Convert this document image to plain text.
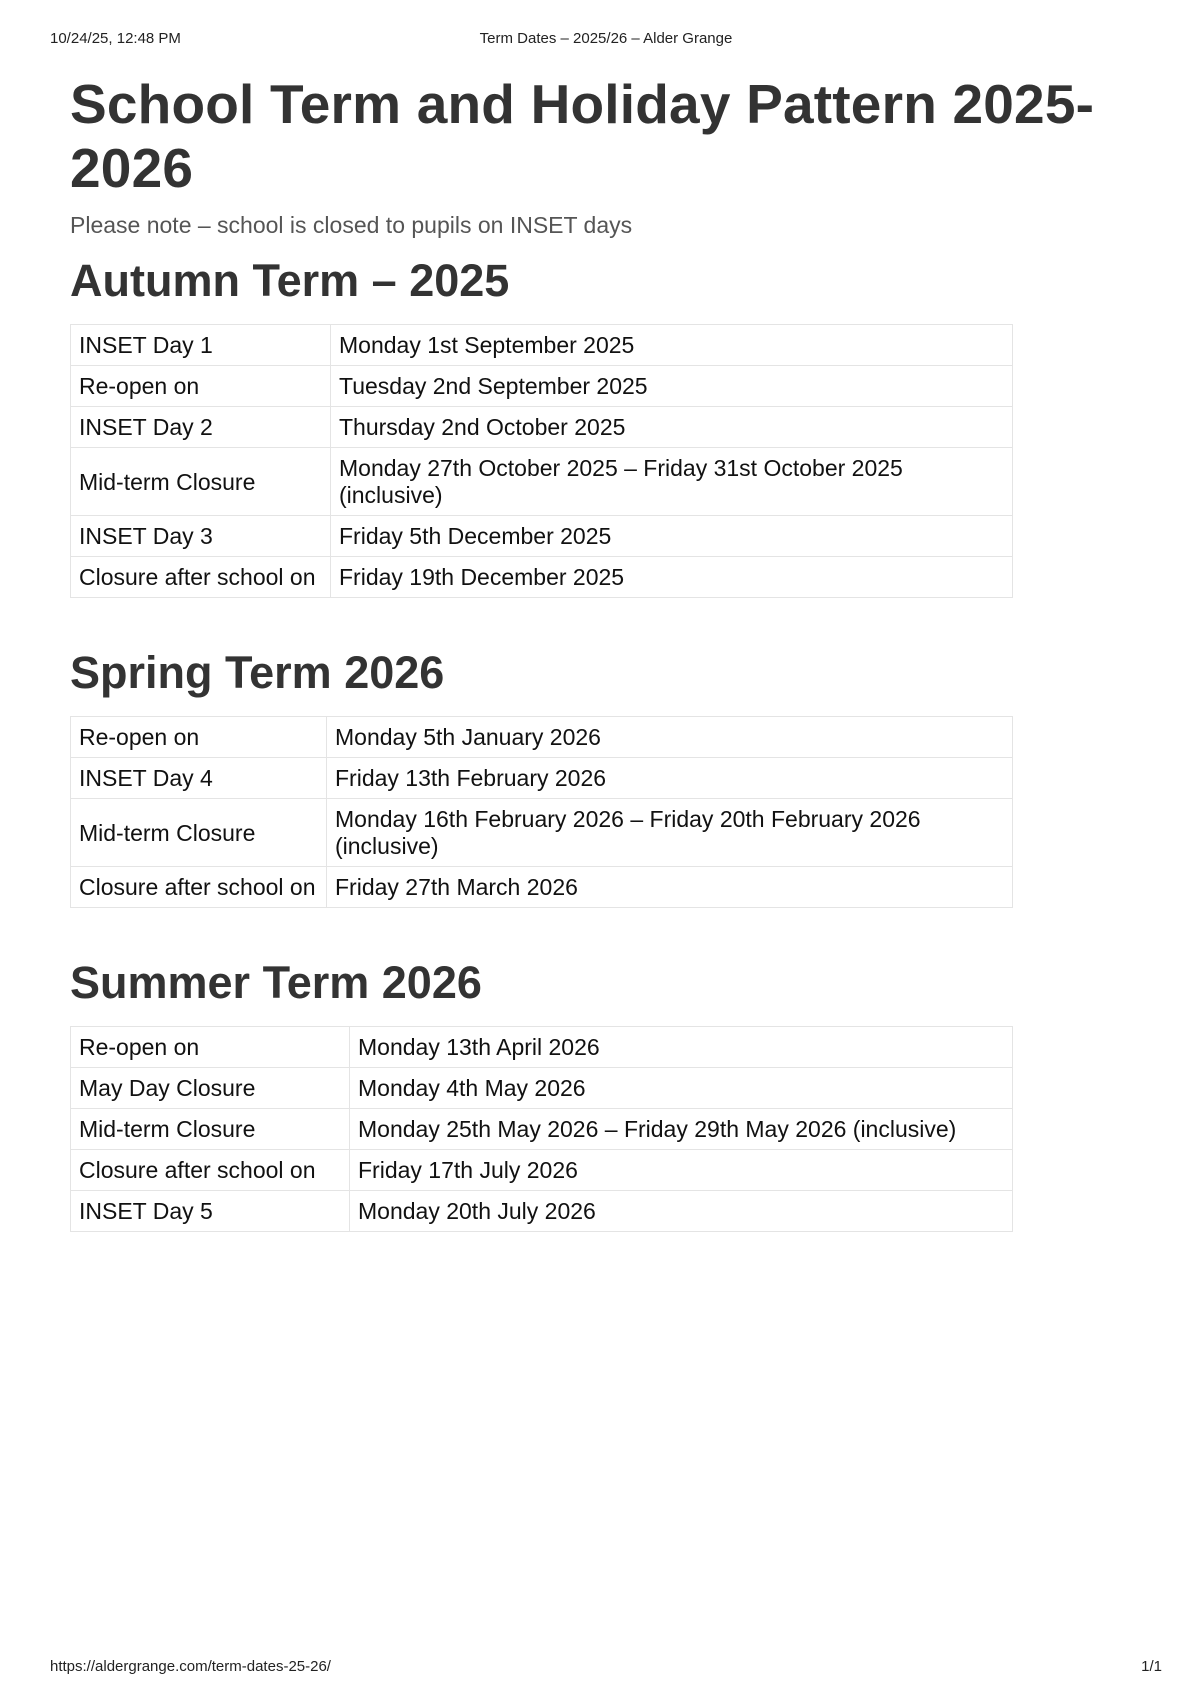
10/24/25, 12:48 PM	Term Dates – 2025/26 – Alder Grange
School Term and Holiday Pattern 2025-2026

Please note – school is closed to pupils on INSET days

Autumn Term – 2025
INSET Day 1	Monday 1st September 2025
Re-open on	Tuesday 2nd September 2025
INSET Day 2	Thursday 2nd October 2025
Mid-term Closure	Monday 27th October 2025 – Friday 31st October 2025 (inclusive)
INSET Day 3	Friday 5th December 2025
Closure after school on	Friday 19th December 2025
Spring Term 2026
Re-open on	Monday 5th January 2026
INSET Day 4	Friday 13th February 2026
Mid-term Closure	Monday 16th February 2026 – Friday 20th February 2026 (inclusive)
Closure after school on	Friday 27th March 2026
Summer Term 2026
Re-open on	Monday 13th April 2026
May Day Closure	Monday 4th May 2026
Mid-term Closure	Monday 25th May 2026 – Friday 29th May 2026 (inclusive)
Closure after school on	Friday 17th July 2026
INSET Day 5	Monday 20th July 2026
https://aldergrange.com/term-dates-25-26/	1/1
